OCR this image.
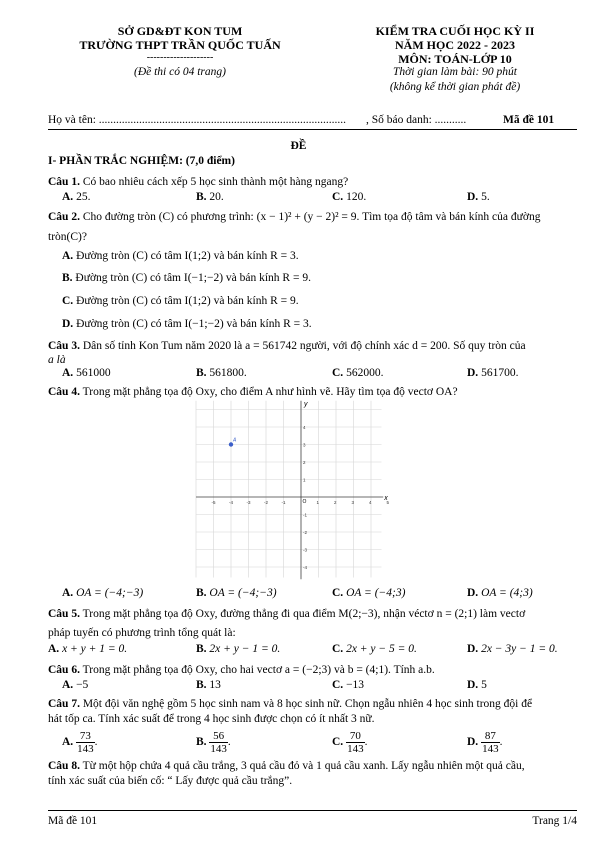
SỞ GD&ĐT KON TUM
TRƯỜNG THPT TRẦN QUỐC TUẤN
--------------------
(Đề thi có 04 trang)
KIỂM TRA CUỐI HỌC KỲ II
NĂM HỌC 2022 - 2023
MÔN: TOÁN-LỚP 10
Thời gian làm bài: 90 phút
(không kể thời gian phát đề)
Họ và tên: ...................................................................................... , Số báo danh: ...........	Mã đề 101
ĐỀ
I- PHẦN TRẮC NGHIỆM: (7,0 điểm)
Câu 1. Có bao nhiêu cách xếp 5 học sinh thành một hàng ngang?
A. 25.	B. 20.	C. 120.	D. 5.
Câu 2. Cho đường tròn (C) có phương trình: (x − 1)² + (y − 2)² = 9. Tìm tọa độ tâm và bán kính của đường
tròn(C)?
A. Đường tròn (C) có tâm I(1;2) và bán kính R = 3.
B. Đường tròn (C) có tâm I(−1;−2) và bán kính R = 9.
C. Đường tròn (C) có tâm I(1;2) và bán kính R = 9.
D. Đường tròn (C) có tâm I(−1;−2) và bán kính R = 3.
Câu 3. Dân số tỉnh Kon Tum năm 2020 là a = 561742 người, với độ chính xác d = 200. Số quy tròn của
a là
A. 561000	B. 561800.	C. 562000.	D. 561700.
Câu 4. Trong mặt phẳng tọa độ Oxy, cho điểm A như hình vẽ. Hãy tìm tọa độ vectơ OA?
-5	-4	-3	-2	-1	1	2	3	4	5
4
3
2
1
-1
-2
-3
-4
x
y
O
A
A. OA = (−4;−3)	B. OA = (−4;−3)	C. OA = (−4;3)	D. OA = (4;3)
Câu 5. Trong mặt phẳng tọa độ Oxy, đường thẳng đi qua điểm M(2;−3), nhận véctơ n = (2;1) làm vectơ
pháp tuyến có phương trình tổng quát là:
A. x + y + 1 = 0.	B. 2x + y − 1 = 0.	C. 2x + y − 5 = 0.	D. 2x − 3y − 1 = 0.
Câu 6. Trong mặt phẳng tọa độ Oxy, cho hai vectơ a = (−2;3) và b = (4;1). Tính a.b.
A. −5	B. 13	C. −13	D. 5
Câu 7. Một đội văn nghệ gồm 5 học sinh nam và 8 học sinh nữ. Chọn ngẫu nhiên 4 học sinh trong đội để
hát tốp ca. Tính xác suất để trong 4 học sinh được chọn có ít nhất 3 nữ.
A. $\frac{73}{143}$ .	B. $\frac{56}{143}$ .	C. $\frac{70}{143}$ .	D. $\frac{87}{143}$ .
Câu 8. Từ một hộp chứa 4 quả cầu trắng, 3 quả cầu đỏ và 1 quả cầu xanh. Lấy ngẫu nhiên một quả cầu,
tính xác suất của biến cố: “ Lấy được quả cầu trắng”.
Mã đề 101	Trang 1/4
